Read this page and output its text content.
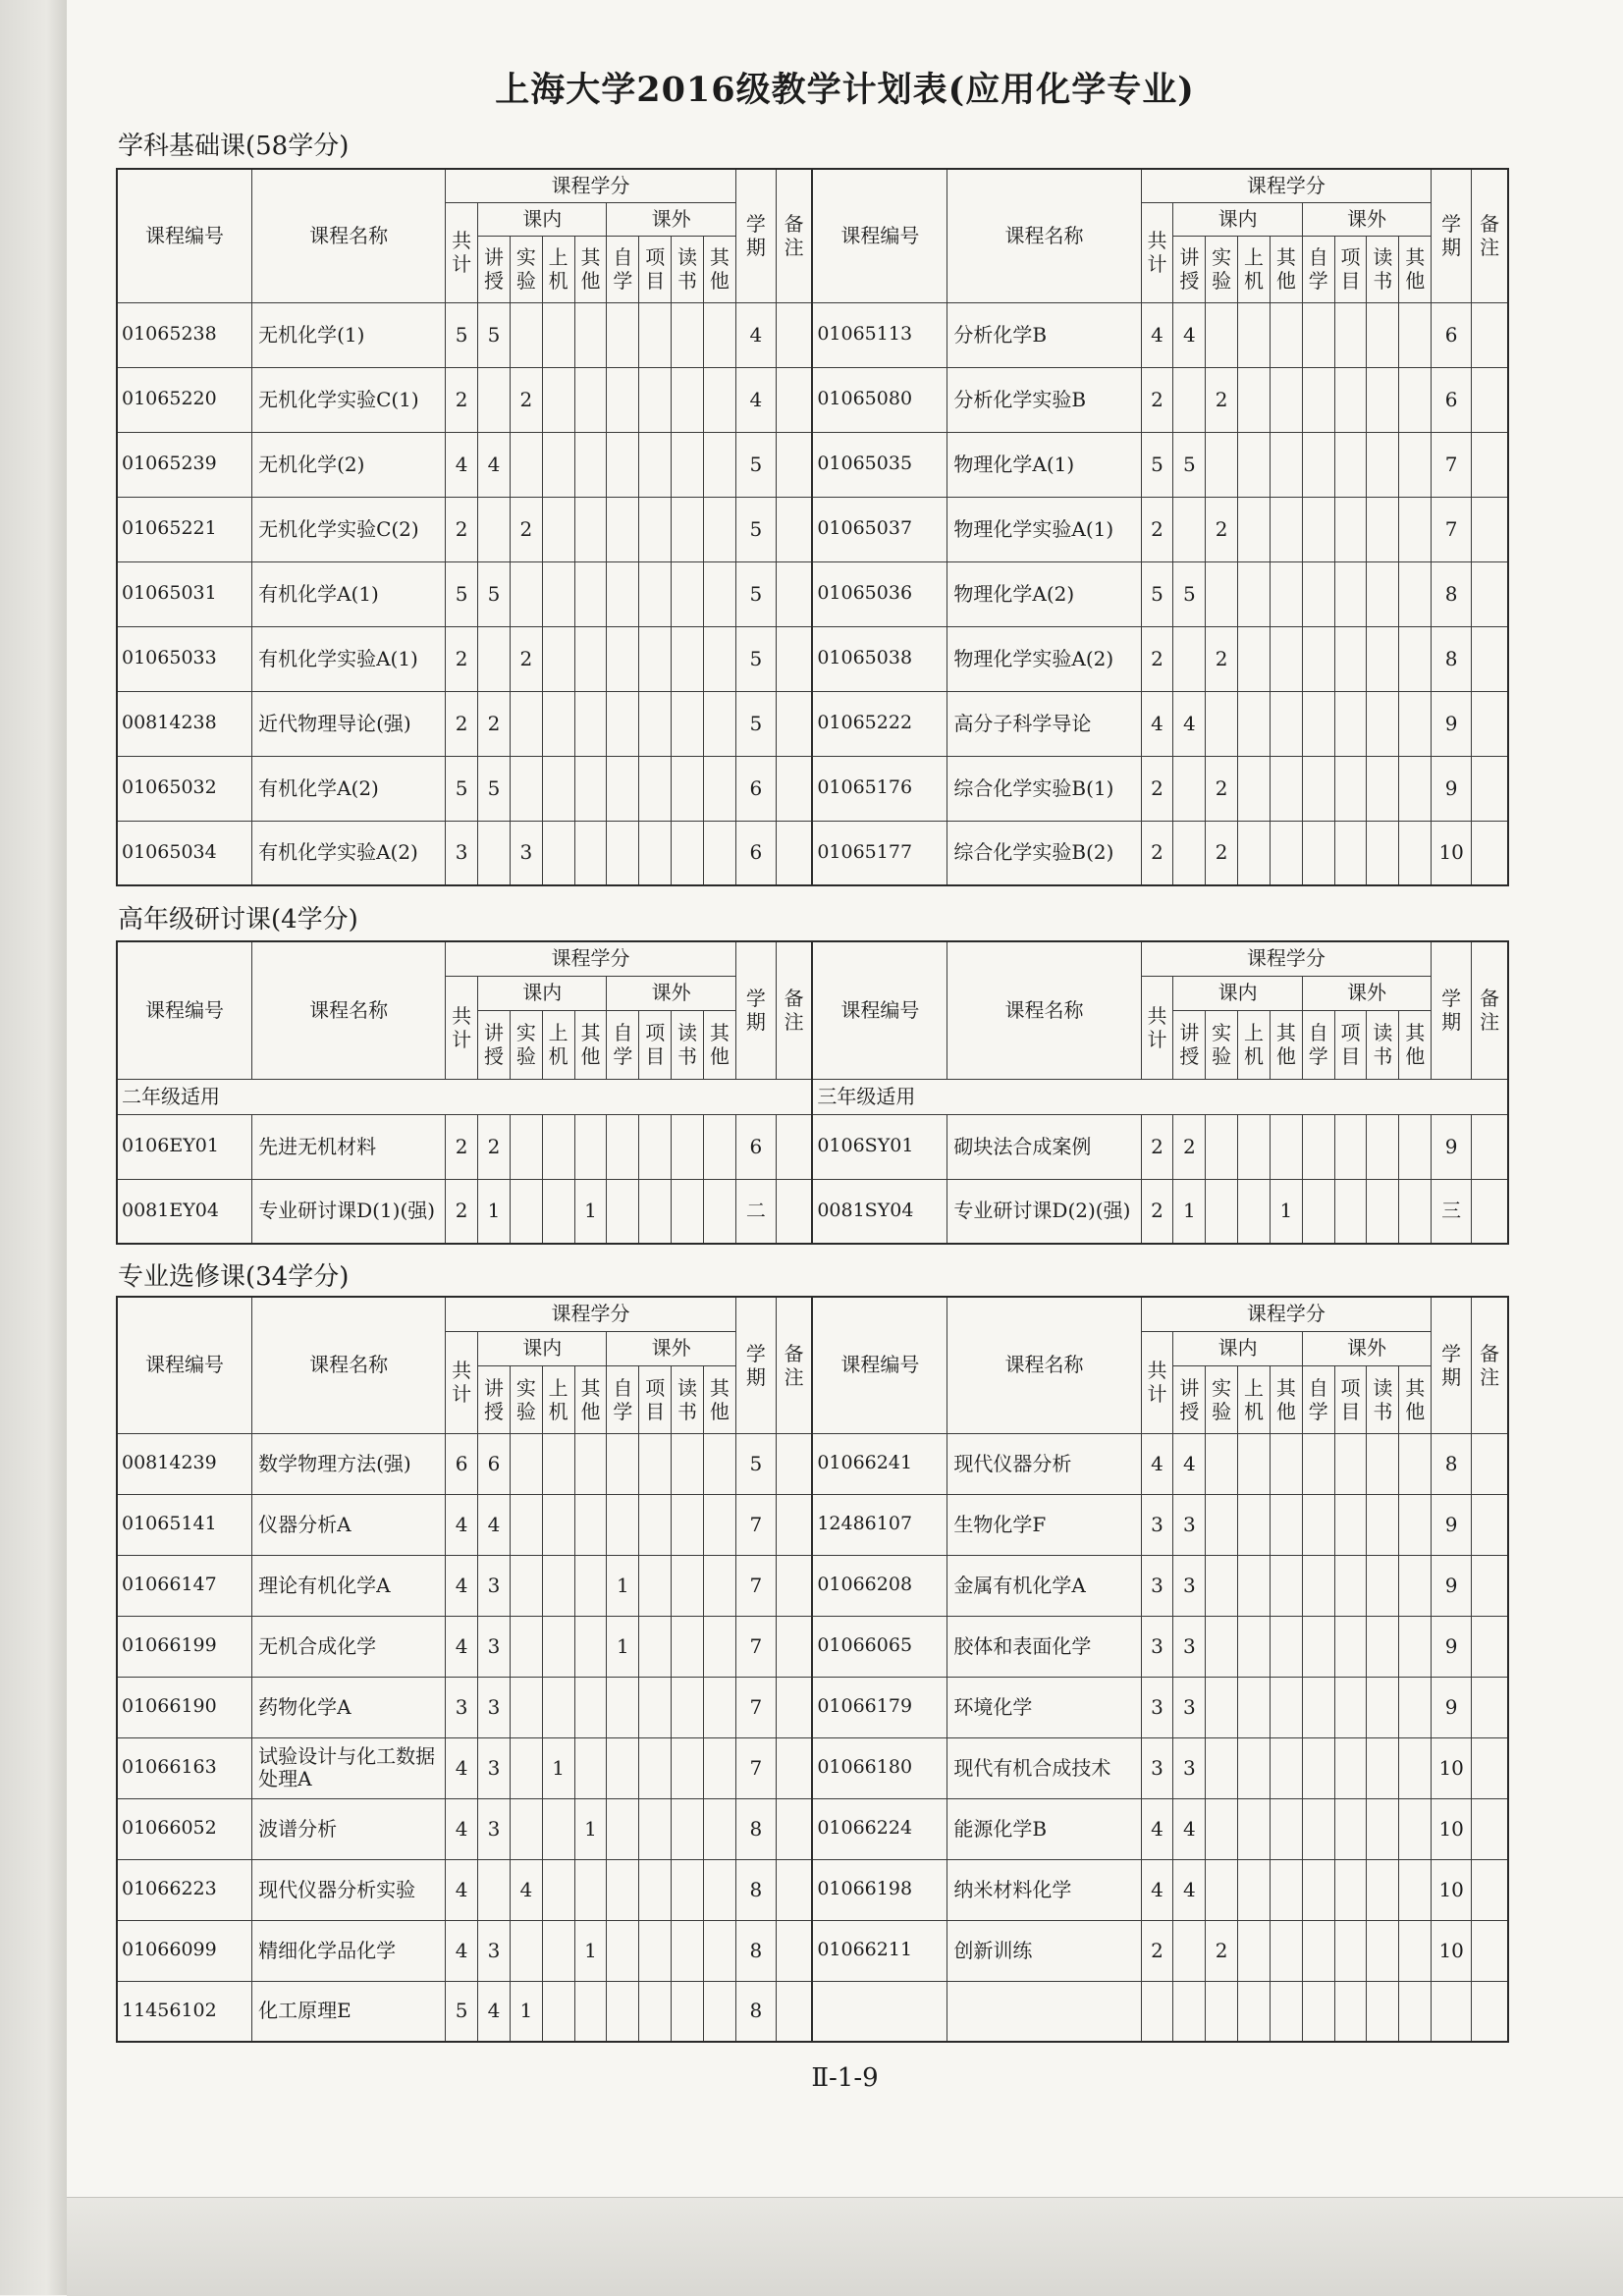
上海大学2016级教学计划表(应用化学专业)
学科基础课(58学分)
课程编号	课程名称	课程学分									学期	备注	课程编号	课程名称	课程学分									学期	备注
		共计	课内				课外								共计	课内				课外					
			讲授	实验	上机	其他	自学	项目	读书	其他						讲授	实验	上机	其他	自学	项目	读书	其他		
01065238	无机化学(1)	5	5								4		01065113	分析化学B	4	4								6	
01065220	无机化学实验C(1)	2		2							4		01065080	分析化学实验B	2		2							6	
01065239	无机化学(2)	4	4								5		01065035	物理化学A(1)	5	5								7	
01065221	无机化学实验C(2)	2		2							5		01065037	物理化学实验A(1)	2		2							7	
01065031	有机化学A(1)	5	5								5		01065036	物理化学A(2)	5	5								8	
01065033	有机化学实验A(1)	2		2							5		01065038	物理化学实验A(2)	2		2							8	
00814238	近代物理导论(强)	2	2								5		01065222	高分子科学导论	4	4								9	
01065032	有机化学A(2)	5	5								6		01065176	综合化学实验B(1)	2		2							9	
01065034	有机化学实验A(2)	3		3							6		01065177	综合化学实验B(2)	2		2							10	
高年级研讨课(4学分)
课程编号	课程名称	课程学分									学期	备注	课程编号	课程名称	课程学分									学期	备注
		共计	课内				课外								共计	课内				课外					
			讲授	实验	上机	其他	自学	项目	读书	其他						讲授	实验	上机	其他	自学	项目	读书	其他		
二年级适用													三年级适用												
0106EY01	先进无机材料	2	2								6		0106SY01	砌块法合成案例	2	2								9	
0081EY04	专业研讨课D(1)(强)	2	1			1					二		0081SY04	专业研讨课D(2)(强)	2	1			1					三	
专业选修课(34学分)
课程编号	课程名称	课程学分									学期	备注	课程编号	课程名称	课程学分									学期	备注
		共计	课内				课外								共计	课内				课外					
			讲授	实验	上机	其他	自学	项目	读书	其他						讲授	实验	上机	其他	自学	项目	读书	其他		
00814239	数学物理方法(强)	6	6								5		01066241	现代仪器分析	4	4								8	
01065141	仪器分析A	4	4								7		12486107	生物化学F	3	3								9	
01066147	理论有机化学A	4	3				1				7		01066208	金属有机化学A	3	3								9	
01066199	无机合成化学	4	3				1				7		01066065	胶体和表面化学	3	3								9	
01066190	药物化学A	3	3								7		01066179	环境化学	3	3								9	
01066163	试验设计与化工数据处理A	4	3		1						7		01066180	现代有机合成技术	3	3								10	
01066052	波谱分析	4	3			1					8		01066224	能源化学B	4	4								10	
01066223	现代仪器分析实验	4		4							8		01066198	纳米材料化学	4	4								10	
01066099	精细化学品化学	4	3			1					8		01066211	创新训练	2		2							10	
11456102	化工原理E	5	4	1							8														
Ⅱ-1-9
